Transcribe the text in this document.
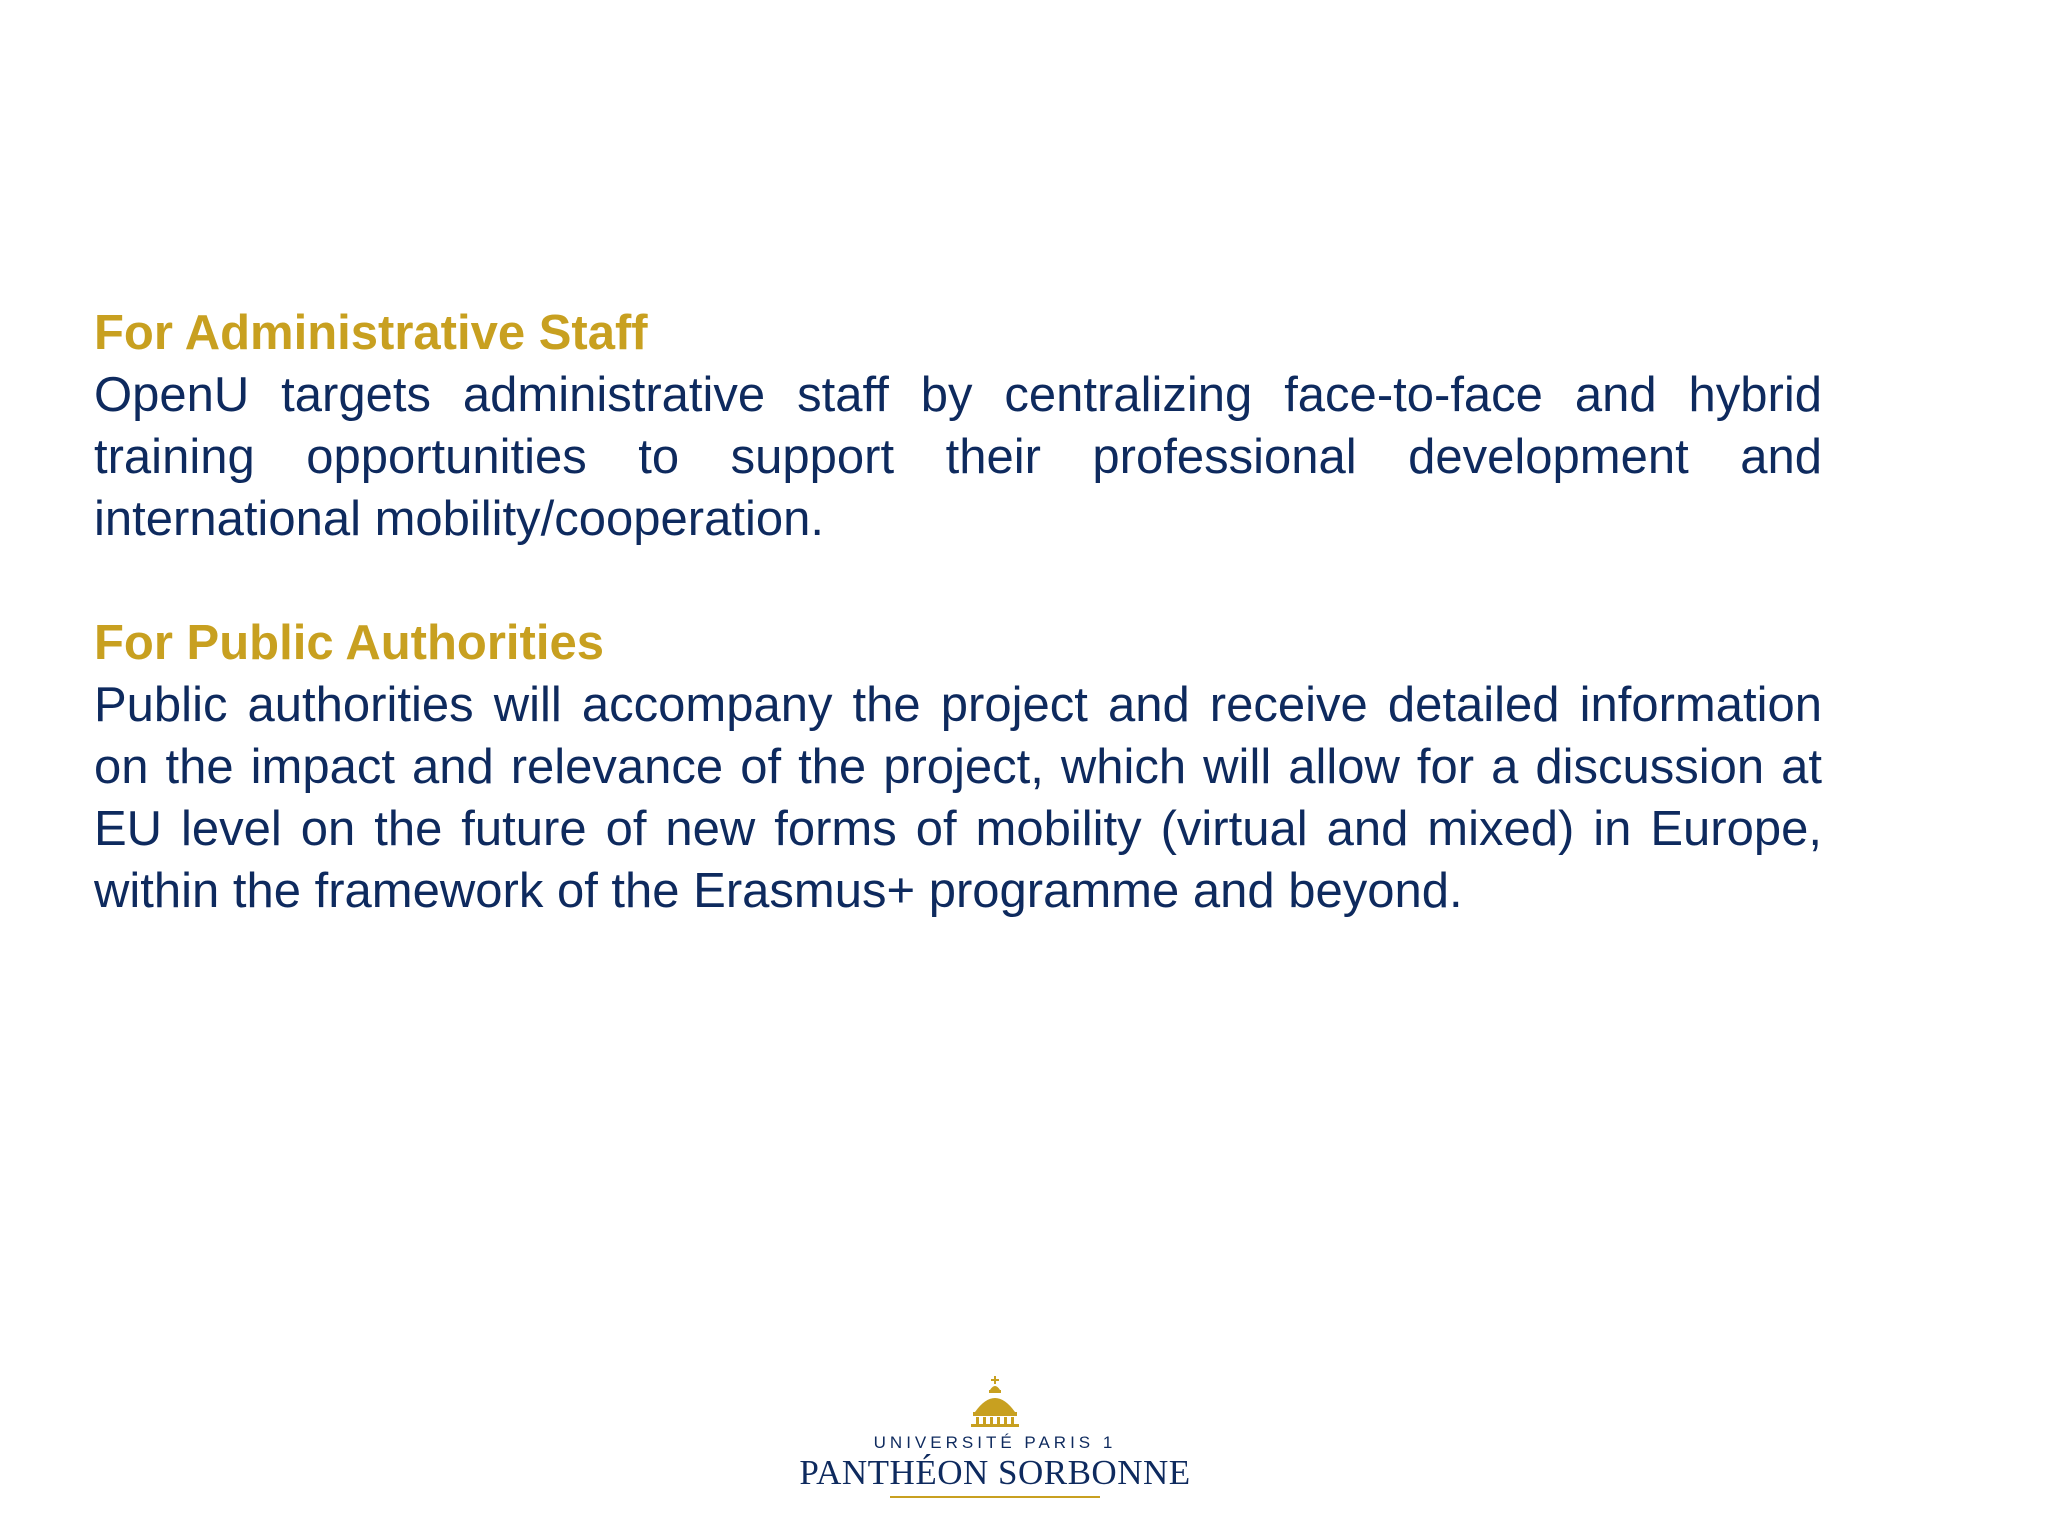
For Administrative Staff

OpenU targets administrative staff by centralizing face-to-face and hybrid training opportunities to support their professional development and international mobility/cooperation.

For Public Authorities

Public authorities will accompany the project and receive detailed information on the impact and relevance of the project, which will allow for a discussion at EU level on the future of new forms of mobility (virtual and mixed) in Europe, within the framework of the Erasmus+ programme and beyond.

UNIVERSITÉ PARIS 1
PANTHÉON SORBONNE
